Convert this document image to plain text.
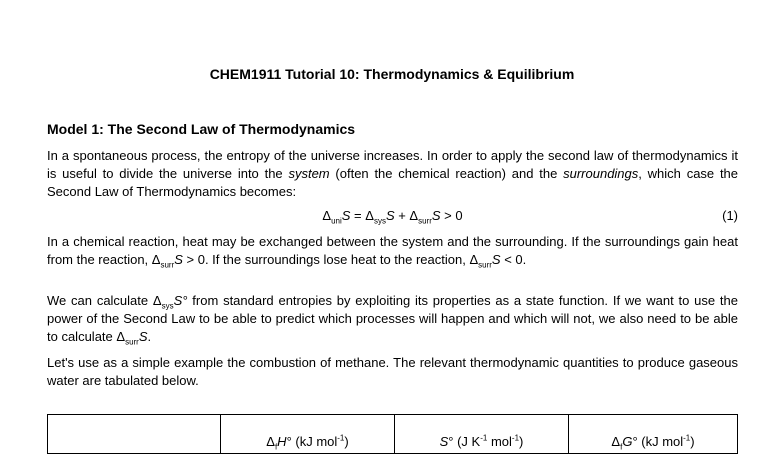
CHEM1911 Tutorial 10: Thermodynamics & Equilibrium
Model 1: The Second Law of Thermodynamics

In a spontaneous process, the entropy of the universe increases. In order to apply the second law of thermodynamics it is useful to divide the universe into the system (often the chemical reaction) and the surroundings, which case the Second Law of Thermodynamics becomes:

$\Delta_{uni}S = \Delta_{sys}S + \Delta_{surr}S > 0$	(1)

In a chemical reaction, heat may be exchanged between the system and the surrounding. If the surroundings gain heat from the reaction, $\Delta_{surr}S > 0$. If the surroundings lose heat to the reaction, $\Delta_{surr}S < 0$.

We can calculate $\Delta_{sys}S^\circ$ from standard entropies by exploiting its properties as a state function. If we want to use the power of the Second Law to be able to predict which processes will happen and which will not, we also need to be able to calculate $\Delta_{surr}S$.

Let's use as a simple example the combustion of methane. The relevant thermodynamic quantities to produce gaseous water are tabulated below.

	$\Delta_fH^\circ$ (kJ mol$^{-1}$)	S° (J $K^{-1}$ mol$^{-1}$)	$\Delta_fG^\circ$ (kJ mol$^{-1}$)
